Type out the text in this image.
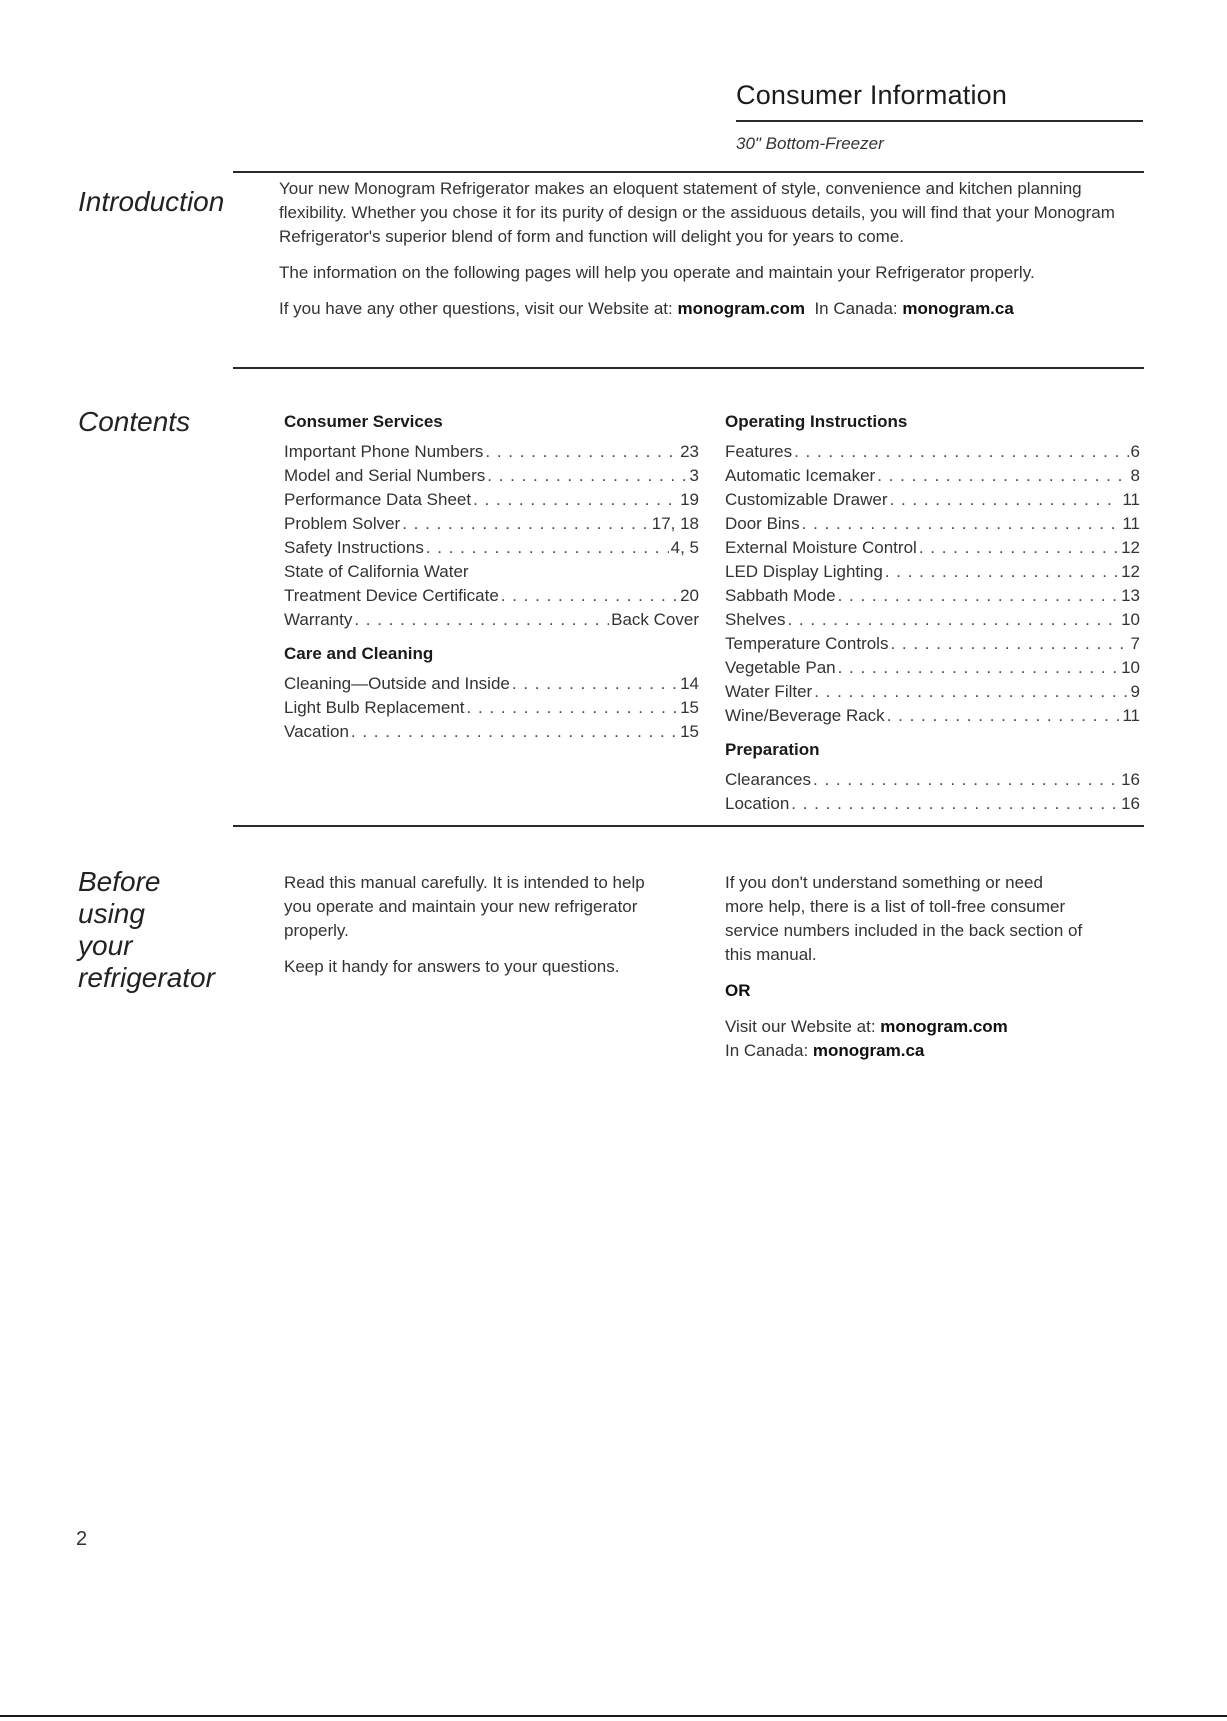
Consumer Information
30" Bottom-Freezer
Introduction	Your new Monogram Refrigerator makes an eloquent statement of style, convenience and kitchen planning flexibility. Whether you chose it for its purity of design or the assiduous details, you will find that your Monogram Refrigerator's superior blend of form and function will delight you for years to come.

The information on the following pages will help you operate and maintain your Refrigerator properly.

If you have any other questions, visit our Website at: monogram.com  In Canada: monogram.ca

Contents	Consumer Services
Important Phone Numbers . . .	23
Model and Serial Numbers . . .	3
Performance Data Sheet . . .	19
Problem Solver . . .	17, 18
Safety Instructions . . .	4, 5
State of California Water
Treatment Device Certificate . . .	20
Warranty . . .	Back Cover
Care and Cleaning
Cleaning—Outside and Inside . . .	14
Light Bulb Replacement . . .	15
Vacation . . .	15
Operating Instructions
Features . . .	6
Automatic Icemaker . . .	8
Customizable Drawer . . .	11
Door Bins . . .	11
External Moisture Control . . .	12
LED Display Lighting . . .	12
Sabbath Mode . . .	13
Shelves . . .	10
Temperature Controls . . .	7
Vegetable Pan . . .	10
Water Filter . . .	9
Wine/Beverage Rack . . .	11
Preparation
Clearances . . .	16
Location . . .	16
Before
using
your
refrigerator

Read this manual carefully. It is intended to help you operate and maintain your new refrigerator properly.

Keep it handy for answers to your questions.

If you don't understand something or need more help, there is a list of toll-free consumer service numbers included in the back section of this manual.

OR
Visit our Website at: monogram.com
In Canada: monogram.ca
2
